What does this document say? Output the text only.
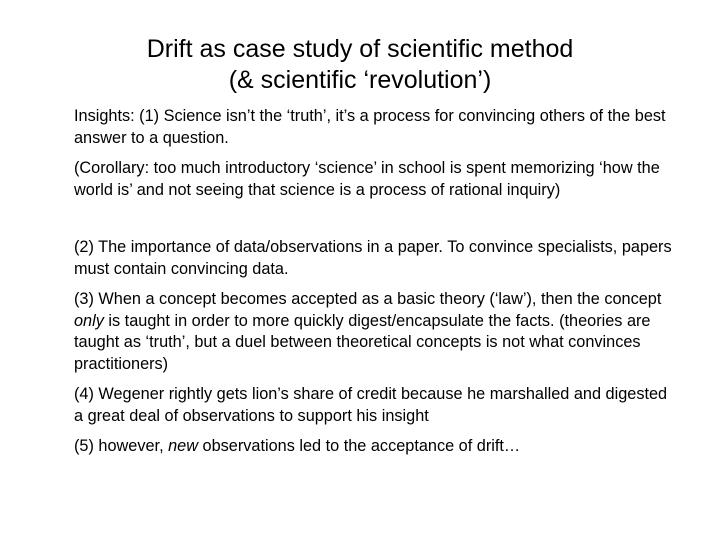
Drift as case study of scientific method
(& scientific ‘revolution’)

Insights: (1) Science isn’t the ‘truth’, it’s a process for convincing others of the best answer to a question.

(Corollary: too much introductory ‘science’ in school is spent memorizing ‘how the world is’ and not seeing that science is a process of rational inquiry)

(2) The importance of data/observations in a paper. To convince specialists, papers must contain convincing data.

(3) When a concept becomes accepted as a basic theory (‘law’), then the concept only is taught in order to more quickly digest/encapsulate the facts. (theories are taught as ‘truth’, but a duel between theoretical concepts is not what convinces practitioners)

(4) Wegener rightly gets lion’s share of credit because he marshalled and digested a great deal of observations to support his insight

(5) however, new observations led to the acceptance of drift…
